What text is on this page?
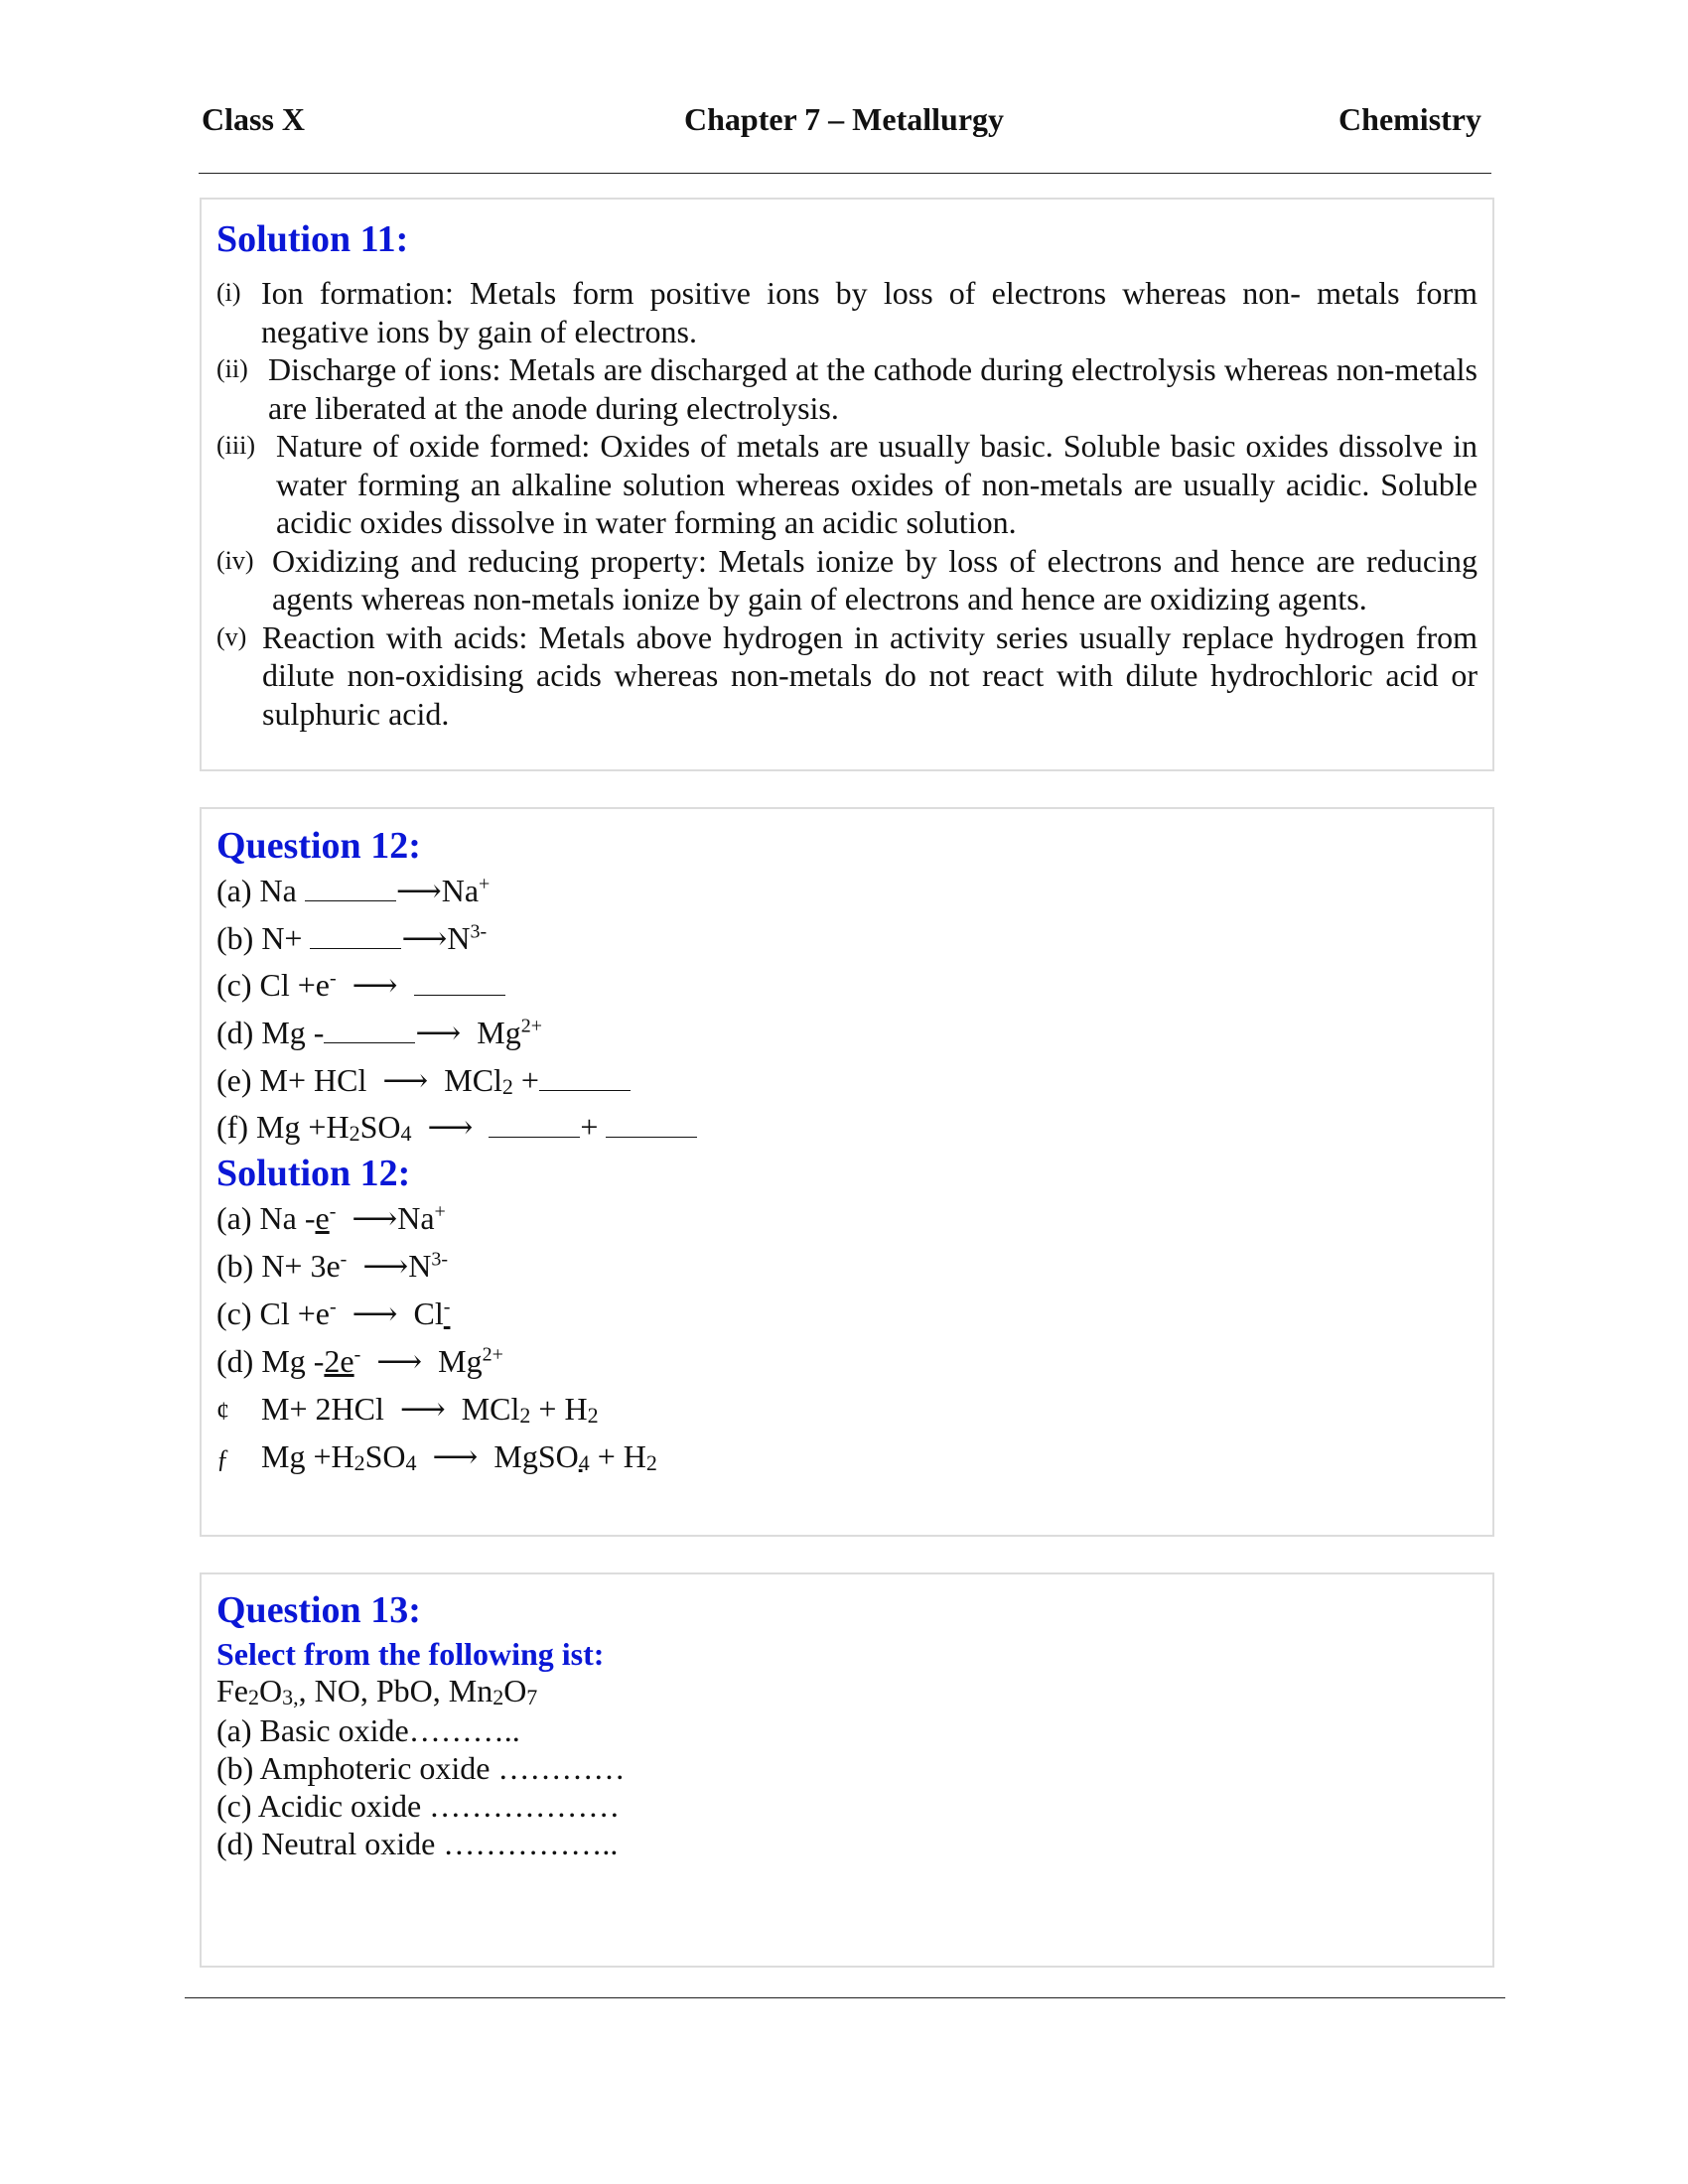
Class X	Chapter 7 – Metallurgy	Chemistry
Solution 11:
(i) Ion formation: Metals form positive ions by loss of electrons whereas non- metals form negative ions by gain of electrons.
(ii) Discharge of ions: Metals are discharged at the cathode during electrolysis whereas non-metals are liberated at the anode during electrolysis.
(iii) Nature of oxide formed: Oxides of metals are usually basic. Soluble basic oxides dissolve in water forming an alkaline solution whereas oxides of non-metals are usually acidic. Soluble acidic oxides dissolve in water forming an acidic solution.
(iv) Oxidizing and reducing property: Metals ionize by loss of electrons and hence are reducing agents whereas non-metals ionize by gain of electrons and hence are oxidizing agents.
(v) Reaction with acids: Metals above hydrogen in activity series usually replace hydrogen from dilute non-oxidising acids whereas non-metals do not react with dilute hydrochloric acid or sulphuric acid.
Question 12:
(a) Na	⟶Na+
(b) N+	$⟶N^{3-}$
(c) Cl +e- ⟶
(d) Mg -	⟶ $Mg^{2+}$
(e) M+ HCl ⟶ MCl$_2$ +
(f) $Mg +H_2SO_4$ ⟶	+
Solution 12:
(a) Na -e- ⟶Na+
(b) N+ 3e- $⟶N^{3-}$
(c) Cl +e- ⟶ Cl-
(d) Mg -2e- ⟶ $Mg^{2+}$
¢ M+ 2HCl ⟶ $MCl_2 + H_2$
ƒ $Mg +H_2SO_4$ ⟶ MgSO$_4$ + $H_2$
Question 13:
Select from the following ist:
$Fe_2O_{3,}$, NO, PbO, $Mn_2O_7$
(a) Basic oxide………..
(b) Amphoteric oxide …………
(c) Acidic oxide ………………
(d) Neutral oxide ……………..
